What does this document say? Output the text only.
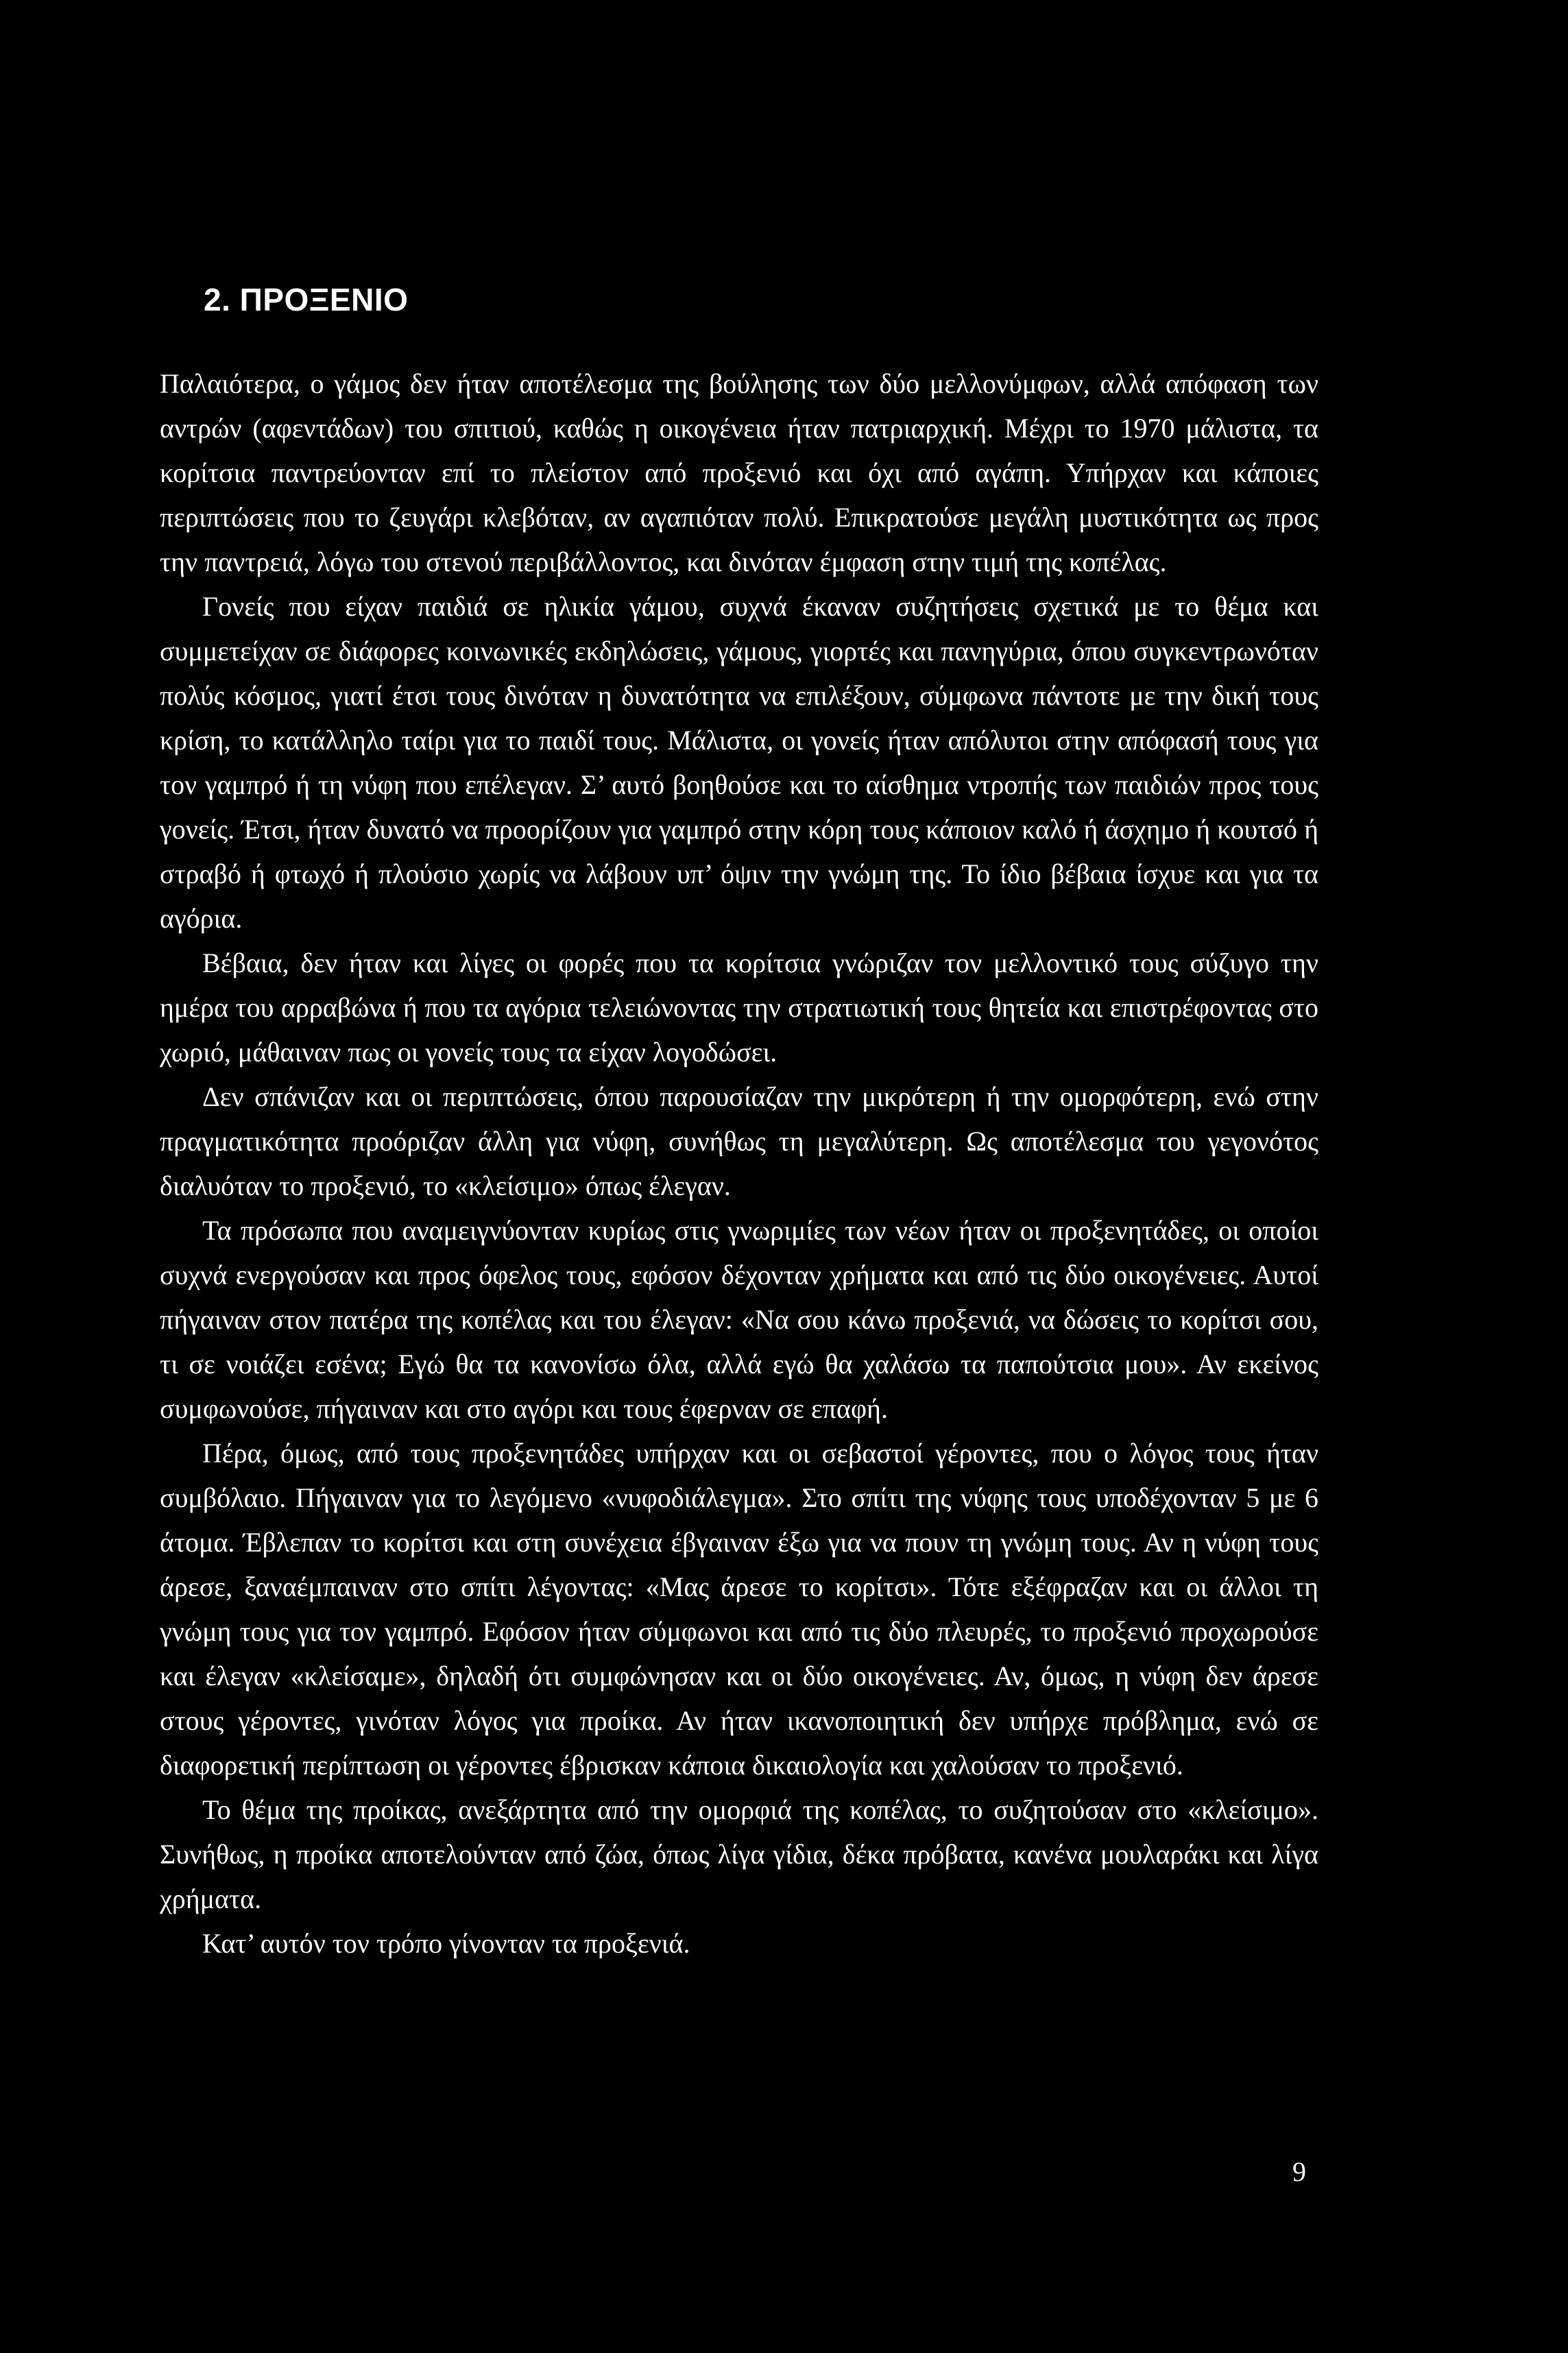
2. ΠΡΟΞΕΝΙΟ

Παλαιότερα, ο γάμος δεν ήταν αποτέλεσμα της βούλησης των δύο μελλονύμφων, αλλά απόφαση των αντρών (αφεντάδων) του σπιτιού, καθώς η οικογένεια ήταν πατριαρχική. Μέχρι το 1970 μάλιστα, τα κορίτσια παντρεύονταν επί το πλείστον από προξενιό και όχι από αγάπη. Υπήρχαν και κάποιες περιπτώσεις που το ζευγάρι κλεβόταν, αν αγαπιόταν πολύ. Επικρατούσε μεγάλη μυστικότητα ως προς την παντρειά, λόγω του στενού περιβάλλοντος, και δινόταν έμφαση στην τιμή της κοπέλας.

Γονείς που είχαν παιδιά σε ηλικία γάμου, συχνά έκαναν συζητήσεις σχετικά με το θέμα και συμμετείχαν σε διάφορες κοινωνικές εκδηλώσεις, γάμους, γιορτές και πανηγύρια, όπου συγκεντρωνόταν πολύς κόσμος, γιατί έτσι τους δινόταν η δυνατότητα να επιλέξουν, σύμφωνα πάντοτε με την δική τους κρίση, το κατάλληλο ταίρι για το παιδί τους. Μάλιστα, οι γονείς ήταν απόλυτοι στην απόφασή τους για τον γαμπρό ή τη νύφη που επέλεγαν. Σ’ αυτό βοηθούσε και το αίσθημα ντροπής των παιδιών προς τους γονείς. Έτσι, ήταν δυνατό να προορίζουν για γαμπρό στην κόρη τους κάποιον καλό ή άσχημο ή κουτσό ή στραβό ή φτωχό ή πλούσιο χωρίς να λάβουν υπ’ όψιν την γνώμη της. Το ίδιο βέβαια ίσχυε και για τα αγόρια.

Βέβαια, δεν ήταν και λίγες οι φορές που τα κορίτσια γνώριζαν τον μελλοντικό τους σύζυγο την ημέρα του αρραβώνα ή που τα αγόρια τελειώνοντας την στρατιωτική τους θητεία και επιστρέφοντας στο χωριό, μάθαιναν πως οι γονείς τους τα είχαν λογοδώσει.

Δεν σπάνιζαν και οι περιπτώσεις, όπου παρουσίαζαν την μικρότερη ή την ομορφότερη, ενώ στην πραγματικότητα προόριζαν άλλη για νύφη, συνήθως τη μεγαλύτερη. Ως αποτέλεσμα του γεγονότος διαλυόταν το προξενιό, το «κλείσιμο» όπως έλεγαν.

Τα πρόσωπα που αναμειγνύονταν κυρίως στις γνωριμίες των νέων ήταν οι προξενητάδες, οι οποίοι συχνά ενεργούσαν και προς όφελος τους, εφόσον δέχονταν χρήματα και από τις δύο οικογένειες. Αυτοί πήγαιναν στον πατέρα της κοπέλας και του έλεγαν: «Να σου κάνω προξενιά, να δώσεις το κορίτσι σου, τι σε νοιάζει εσένα; Εγώ θα τα κανονίσω όλα, αλλά εγώ θα χαλάσω τα παπούτσια μου». Αν εκείνος συμφωνούσε, πήγαιναν και στο αγόρι και τους έφερναν σε επαφή.

Πέρα, όμως, από τους προξενητάδες υπήρχαν και οι σεβαστοί γέροντες, που ο λόγος τους ήταν συμβόλαιο. Πήγαιναν για το λεγόμενο «νυφοδιάλεγμα». Στο σπίτι της νύφης τους υποδέχονταν 5 με 6 άτομα. Έβλεπαν το κορίτσι και στη συνέχεια έβγαιναν έξω για να πουν τη γνώμη τους. Αν η νύφη τους άρεσε, ξαναέμπαιναν στο σπίτι λέγοντας: «Μας άρεσε το κορίτσι». Τότε εξέφραζαν και οι άλλοι τη γνώμη τους για τον γαμπρό. Εφόσον ήταν σύμφωνοι και από τις δύο πλευρές, το προξενιό προχωρούσε και έλεγαν «κλείσαμε», δηλαδή ότι συμφώνησαν και οι δύο οικογένειες. Αν, όμως, η νύφη δεν άρεσε στους γέροντες, γινόταν λόγος για προίκα. Αν ήταν ικανοποιητική δεν υπήρχε πρόβλημα, ενώ σε διαφορετική περίπτωση οι γέροντες έβρισκαν κάποια δικαιολογία και χαλούσαν το προξενιό.

Το θέμα της προίκας, ανεξάρτητα από την ομορφιά της κοπέλας, το συζητούσαν στο «κλείσιμο». Συνήθως, η προίκα αποτελούνταν από ζώα, όπως λίγα γίδια, δέκα πρόβατα, κανένα μουλαράκι και λίγα χρήματα.

Κατ’ αυτόν τον τρόπο γίνονταν τα προξενιά.

9
